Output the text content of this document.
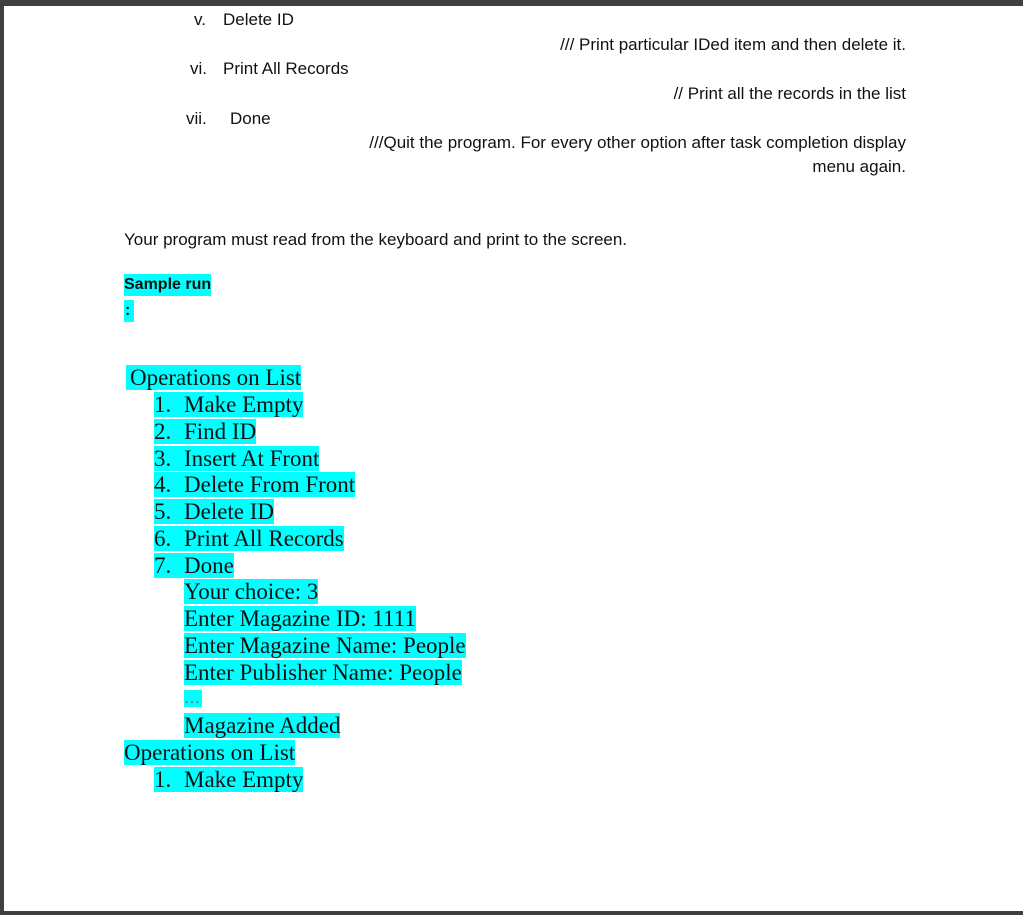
v. Delete ID
/// Print particular IDed item and then delete it.
vi. Print All Records
// Print all the records in the list
vii. Done
///Quit the program. For every other option after task completion display
menu again.
Your program must read from the keyboard and print to the screen.
Sample run
:
Operations on List
1. Make Empty
2. Find ID
3. Insert At Front
4. Delete From Front
5. Delete ID
6. Print All Records
7. Done
Your choice: 3
Enter Magazine ID: 1111
Enter Magazine Name: People
Enter Publisher Name: People
…
Magazine Added
Operations on List
1. Make Empty
